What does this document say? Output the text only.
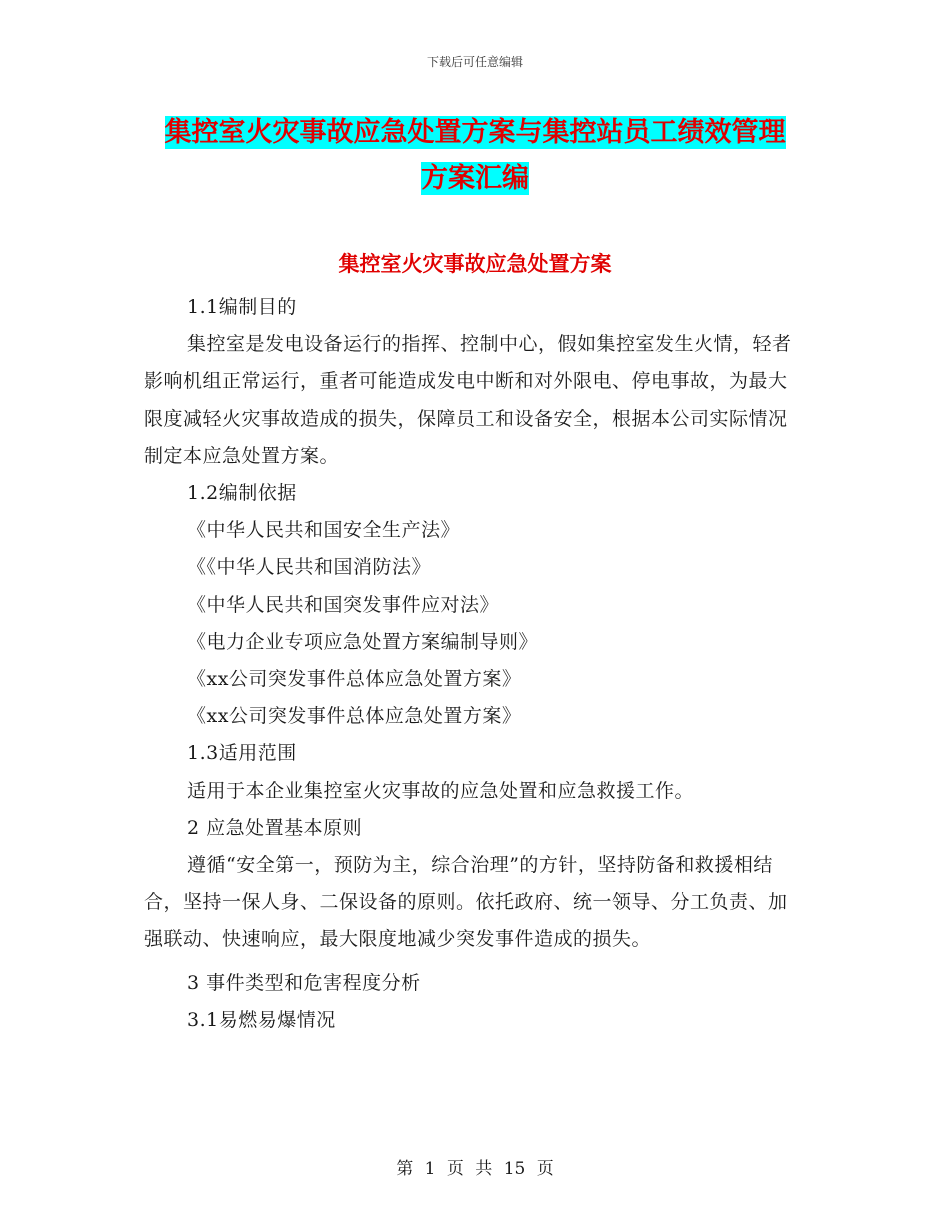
下载后可任意编辑
集控室火灾事故应急处置方案与集控站员工绩效管理
方案汇编
集控室火灾事故应急处置方案

1.1编制目的

集控室是发电设备运行的指挥、控制中心，假如集控室发生火情，轻者影响机组正常运行，重者可能造成发电中断和对外限电、停电事故，为最大限度减轻火灾事故造成的损失，保障员工和设备安全，根据本公司实际情况制定本应急处置方案。

1.2编制依据

《中华人民共和国安全生产法》

《《中华人民共和国消防法》

《中华人民共和国突发事件应对法》

《电力企业专项应急处置方案编制导则》

《xx公司突发事件总体应急处置方案》

《xx公司突发事件总体应急处置方案》

1.3适用范围

适用于本企业集控室火灾事故的应急处置和应急救援工作。

2 应急处置基本原则

遵循“安全第一，预防为主，综合治理”的方针，坚持防备和救援相结合，坚持一保人身、二保设备的原则。依托政府、统一领导、分工负责、加强联动、快速响应，最大限度地减少突发事件造成的损失。

3 事件类型和危害程度分析

3.1易燃易爆情况

第 1 页 共 15 页
